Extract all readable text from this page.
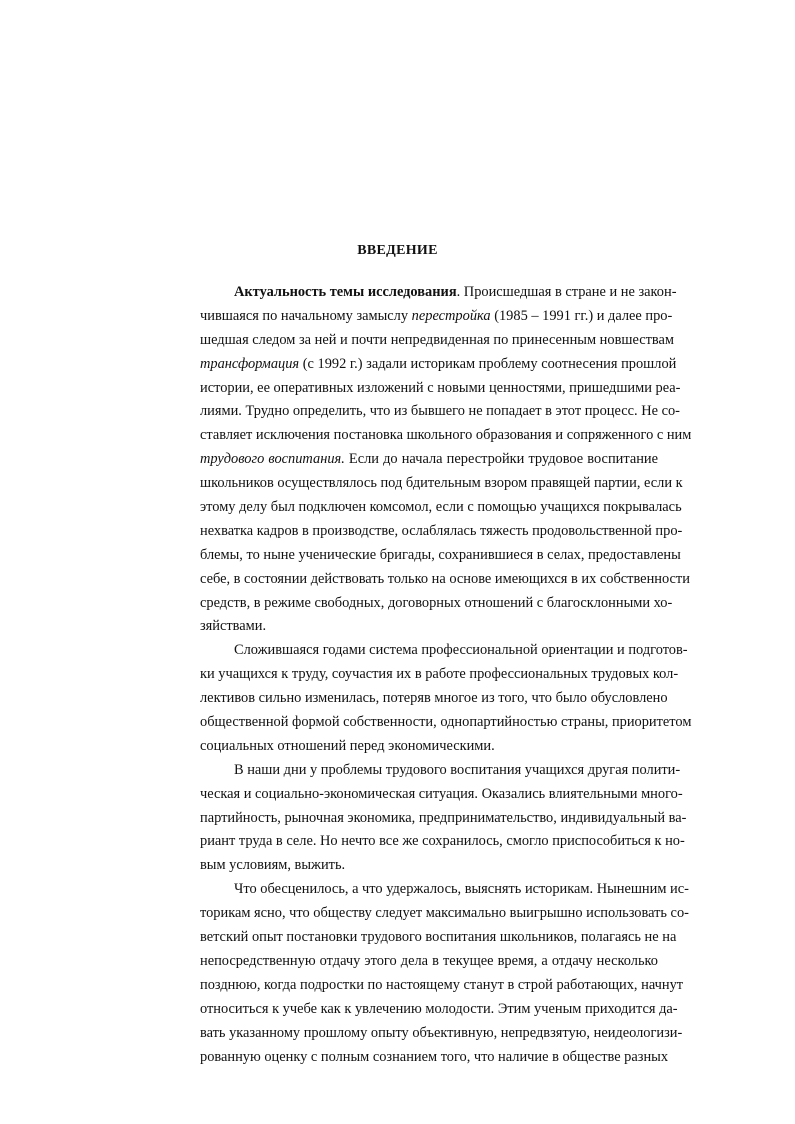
ВВЕДЕНИЕ
Актуальность темы исследования. Происшедшая в стране и не закон-
чившаяся по начальному замыслу перестройка (1985 – 1991 гг.) и далее про-
шедшая следом за ней и почти непредвиденная по принесенным новшествам
трансформация (с 1992 г.) задали историкам проблему соотнесения прошлой
истории, ее оперативных изложений с новыми ценностями, пришедшими реа-
лиями. Трудно определить, что из бывшего не попадает в этот процесс. Не со-
ставляет исключения постановка школьного образования и сопряженного с ним
трудового воспитания. Если до начала перестройки трудовое воспитание
школьников осуществлялось под бдительным взором правящей партии, если к
этому делу был подключен комсомол, если с помощью учащихся покрывалась
нехватка кадров в производстве, ослаблялась тяжесть продовольственной про-
блемы, то ныне ученические бригады, сохранившиеся в селах, предоставлены
себе, в состоянии действовать только на основе имеющихся в их собственности
средств, в режиме свободных, договорных отношений с благосклонными хо-
зяйствами.
Сложившаяся годами система профессиональной ориентации и подготов-
ки учащихся к труду, соучастия их в работе профессиональных трудовых кол-
лективов сильно изменилась, потеряв многое из того, что было обусловлено
общественной формой собственности, однопартийностью страны, приоритетом
социальных отношений перед экономическими.
В наши дни у проблемы трудового воспитания учащихся другая полити-
ческая и социально-экономическая ситуация. Оказались влиятельными много-
партийность, рыночная экономика, предпринимательство, индивидуальный ва-
риант труда в селе. Но нечто все же сохранилось, смогло приспособиться к но-
вым условиям, выжить.
Что обесценилось, а что удержалось, выяснять историкам. Нынешним ис-
торикам ясно, что обществу следует максимально выигрышно использовать со-
ветский опыт постановки трудового воспитания школьников, полагаясь не на
непосредственную отдачу этого дела в текущее время, а отдачу несколько
позднюю, когда подростки по настоящему станут в строй работающих, начнут
относиться к учебе как к увлечению молодости. Этим ученым приходится да-
вать указанному прошлому опыту объективную, непредвзятую, неидеологизи-
рованную оценку с полным сознанием того, что наличие в обществе разных
